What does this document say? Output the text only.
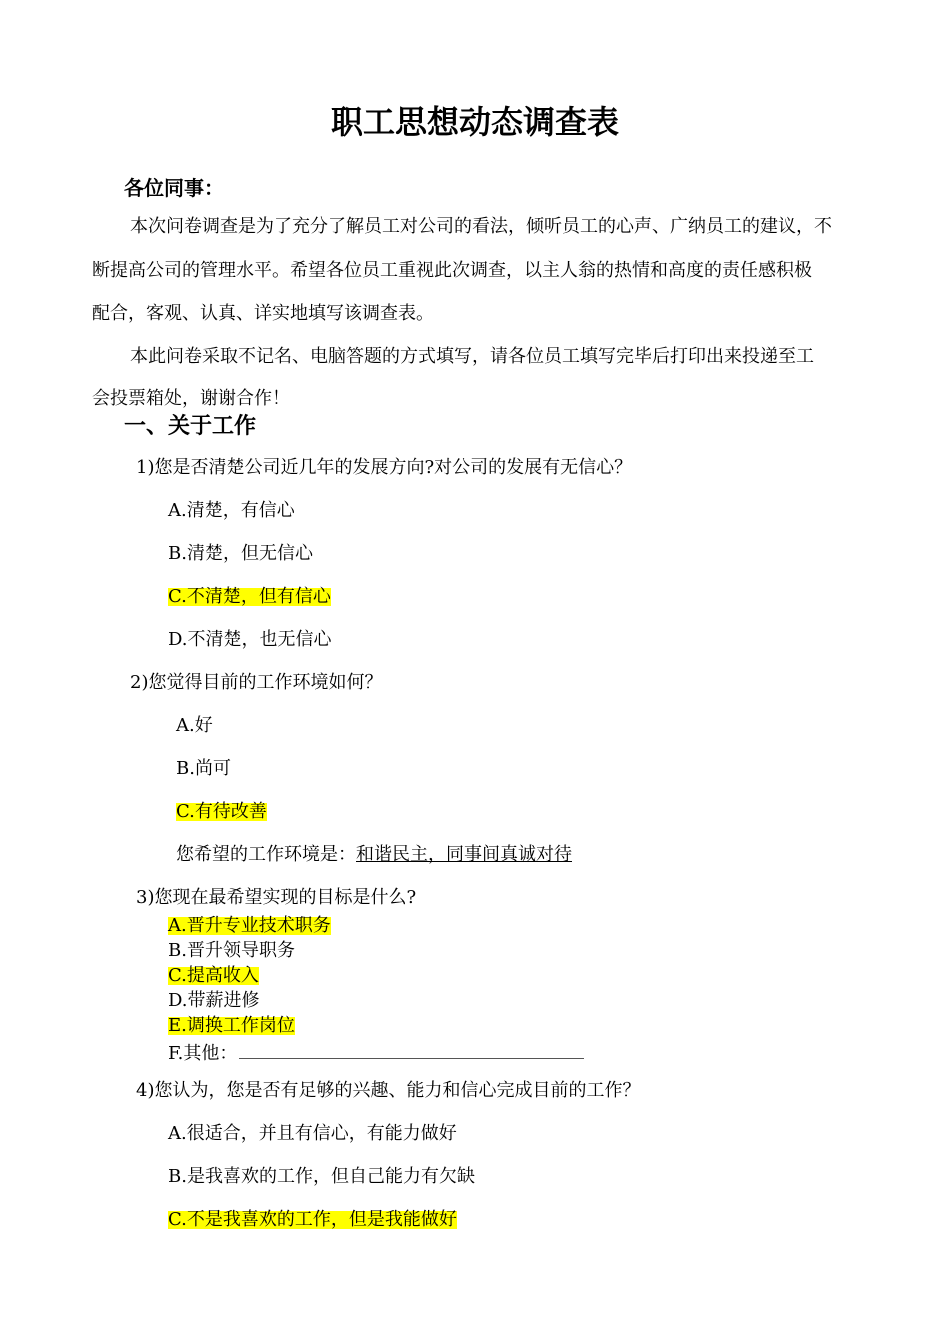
职工思想动态调查表
各位同事：
本次问卷调查是为了充分了解员工对公司的看法，倾听员工的心声、广纳员工的建议，不
断提高公司的管理水平。希望各位员工重视此次调查，以主人翁的热情和高度的责任感积极
配合，客观、认真、详实地填写该调查表。
本此问卷采取不记名、电脑答题的方式填写，请各位员工填写完毕后打印出来投递至工
会投票箱处，谢谢合作！
一、关于工作
1)您是否清楚公司近几年的发展方向?对公司的发展有无信心？
A.清楚，有信心
B.清楚，但无信心
C.不清楚，但有信心
D.不清楚，也无信心
2)您觉得目前的工作环境如何？
A.好
B.尚可
C.有待改善
您希望的工作环境是：和谐民主，同事间真诚对待
3)您现在最希望实现的目标是什么?
A.晋升专业技术职务
B.晋升领导职务
C.提高收入
D.带薪进修
E.调换工作岗位
F.其他：
4)您认为，您是否有足够的兴趣、能力和信心完成目前的工作？
A.很适合，并且有信心，有能力做好
B.是我喜欢的工作，但自己能力有欠缺
C.不是我喜欢的工作，但是我能做好
